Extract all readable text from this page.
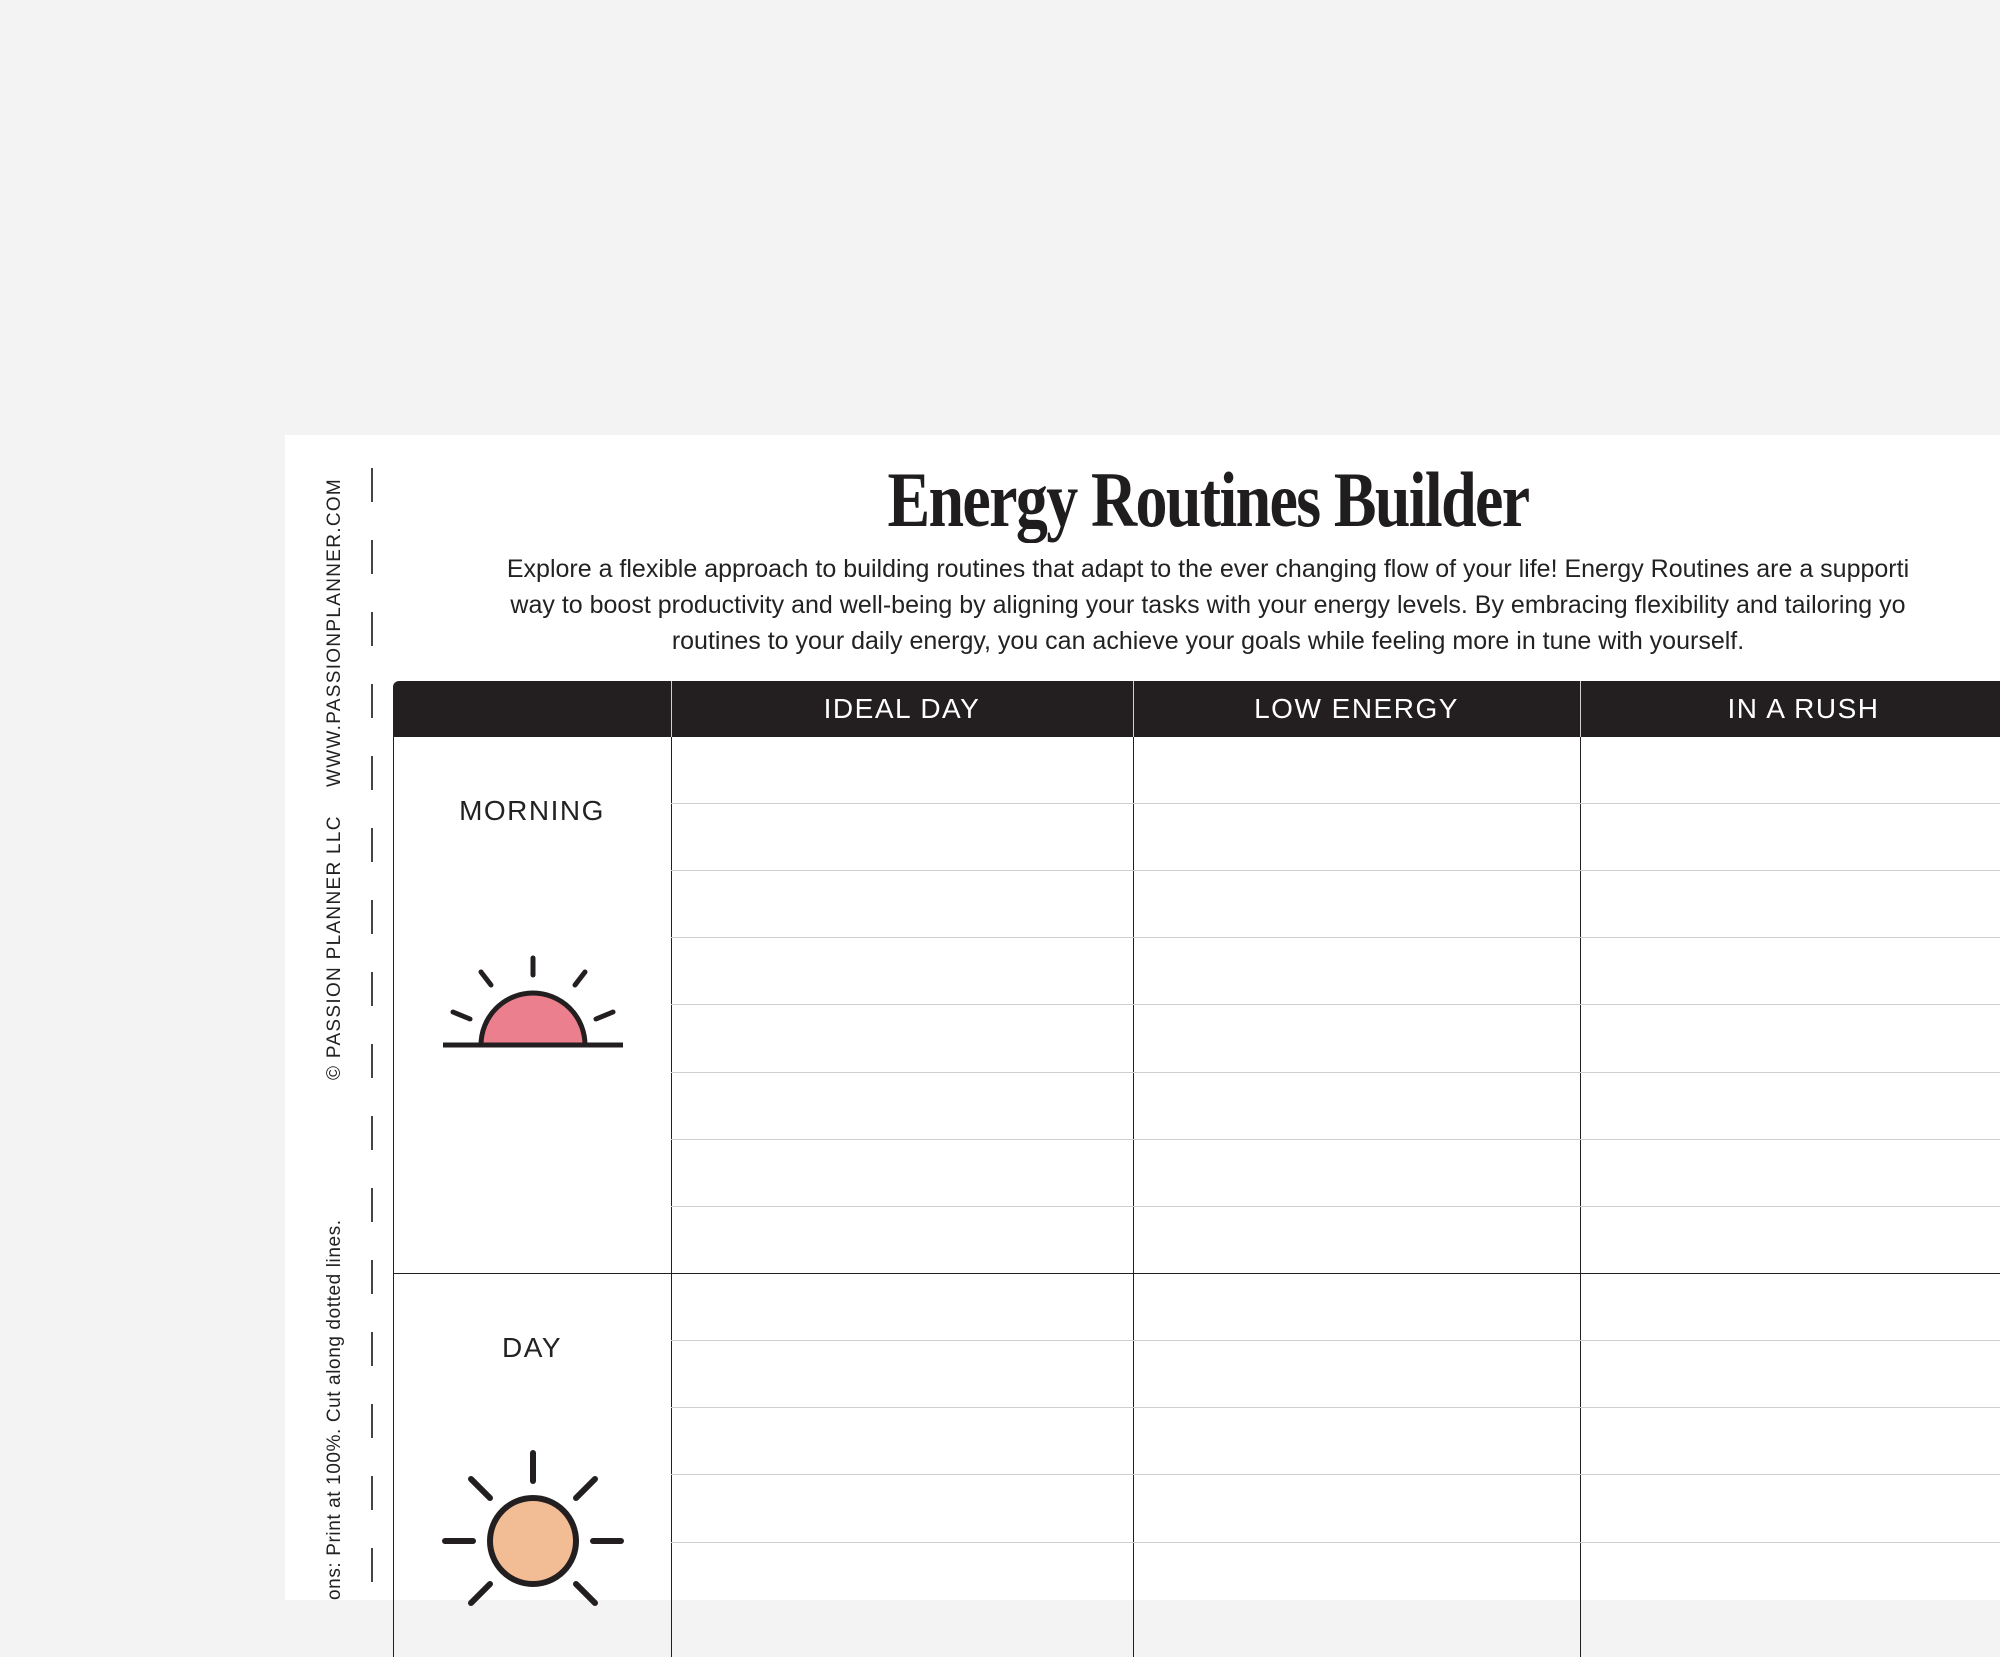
© PASSION PLANNER LLC
WWW.PASSIONPLANNER.COM
ons: Print at 100%. Cut along dotted lines.
Energy Routines Builder
Explore a flexible approach to building routines that adapt to the ever changing flow of your life! Energy Routines are a supporti
way to boost productivity and well-being by aligning your tasks with your energy levels. By embracing flexibility and tailoring yo
routines to your daily energy, you can achieve your goals while feeling more in tune with yourself.
IDEAL DAY	LOW ENERGY	IN A RUSH
MORNING
DAY
